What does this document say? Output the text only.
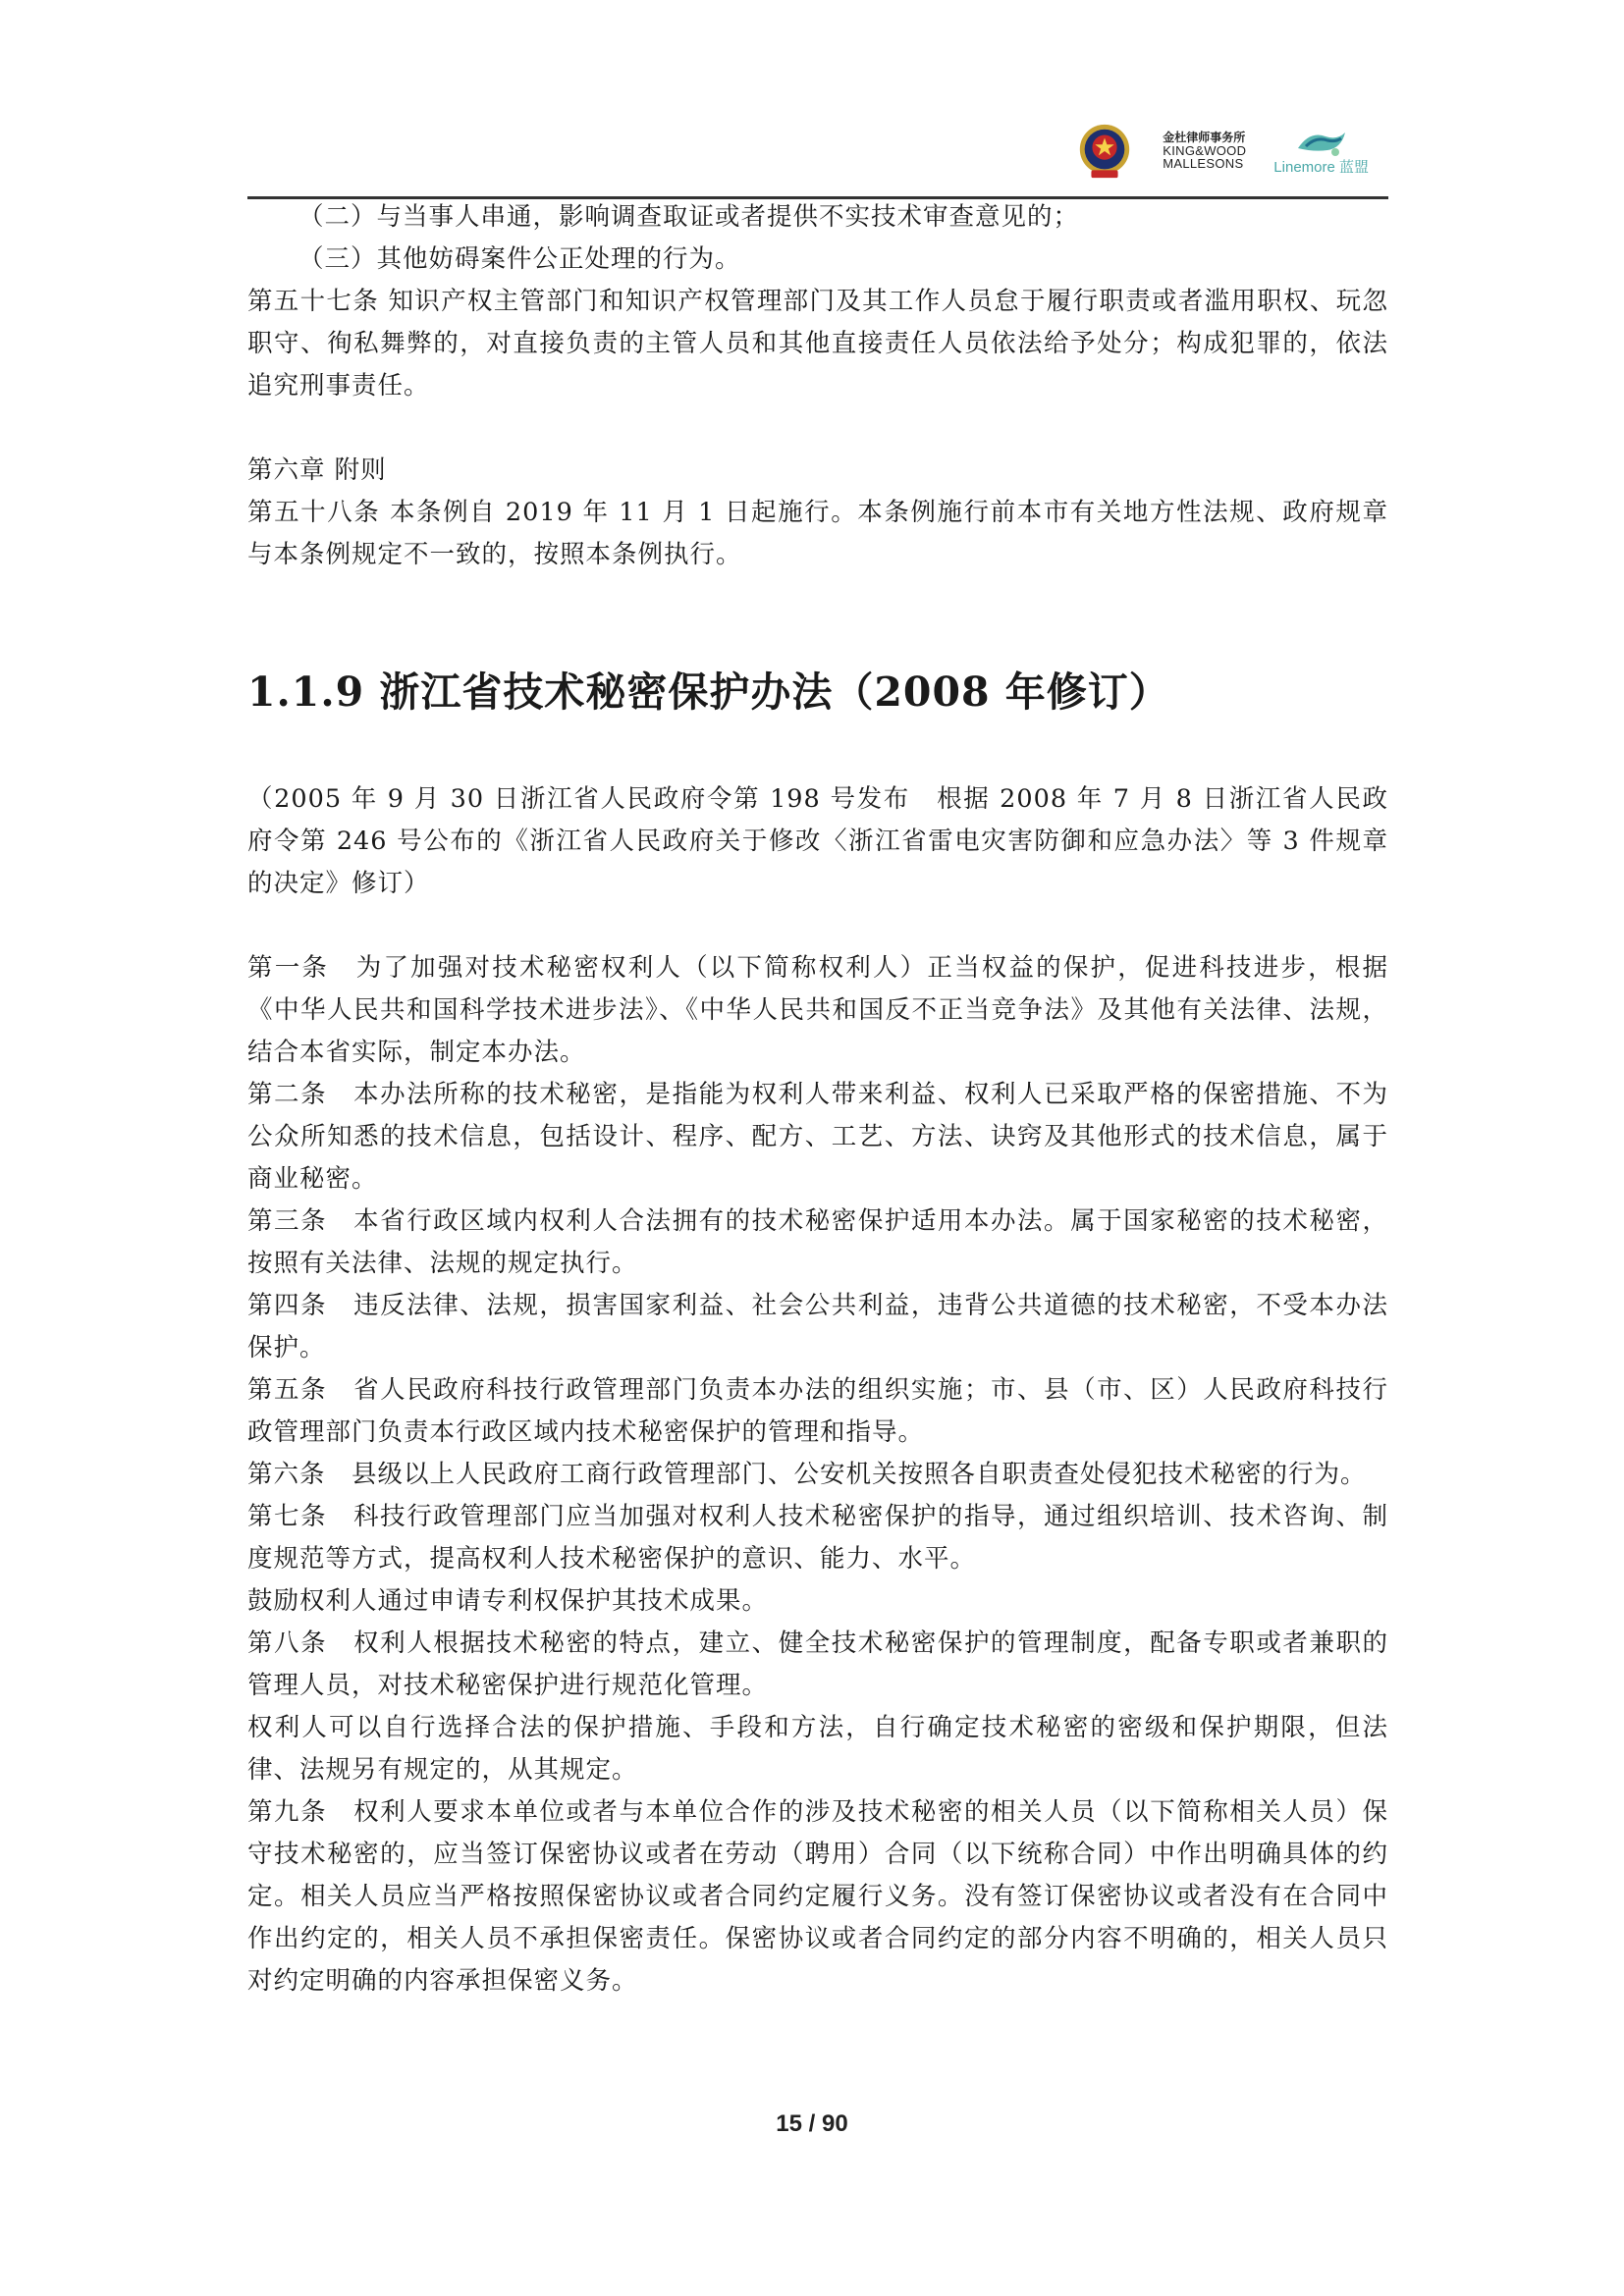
金杜律师事务所
KING&WOOD
MALLESONS Linemore 蓝盟

（二）与当事人串通，影响调查取证或者提供不实技术审查意见的；

（三）其他妨碍案件公正处理的行为。

第五十七条 知识产权主管部门和知识产权管理部门及其工作人员怠于履行职责或者滥用职权、玩忽职守、徇私舞弊的，对直接负责的主管人员和其他直接责任人员依法给予处分；构成犯罪的，依法追究刑事责任。

第六章 附则

第五十八条 本条例自 2019 年 11 月 1 日起施行。本条例施行前本市有关地方性法规、政府规章与本条例规定不一致的，按照本条例执行。

1.1.9 浙江省技术秘密保护办法（2008 年修订）

（2005 年 9 月 30 日浙江省人民政府令第 198 号发布　根据 2008 年 7 月 8 日浙江省人民政府令第 246 号公布的《浙江省人民政府关于修改〈浙江省雷电灾害防御和应急办法〉等 3 件规章的决定》修订）

第一条　为了加强对技术秘密权利人（以下简称权利人）正当权益的保护，促进科技进步，根据《中华人民共和国科学技术进步法》、《中华人民共和国反不正当竞争法》及其他有关法律、法规，结合本省实际，制定本办法。

第二条　本办法所称的技术秘密，是指能为权利人带来利益、权利人已采取严格的保密措施、不为公众所知悉的技术信息，包括设计、程序、配方、工艺、方法、诀窍及其他形式的技术信息，属于商业秘密。

第三条　本省行政区域内权利人合法拥有的技术秘密保护适用本办法。属于国家秘密的技术秘密，按照有关法律、法规的规定执行。

第四条　违反法律、法规，损害国家利益、社会公共利益，违背公共道德的技术秘密，不受本办法保护。

第五条　省人民政府科技行政管理部门负责本办法的组织实施；市、县（市、区）人民政府科技行政管理部门负责本行政区域内技术秘密保护的管理和指导。

第六条　县级以上人民政府工商行政管理部门、公安机关按照各自职责查处侵犯技术秘密的行为。

第七条　科技行政管理部门应当加强对权利人技术秘密保护的指导，通过组织培训、技术咨询、制度规范等方式，提高权利人技术秘密保护的意识、能力、水平。

鼓励权利人通过申请专利权保护其技术成果。

第八条　权利人根据技术秘密的特点，建立、健全技术秘密保护的管理制度，配备专职或者兼职的管理人员，对技术秘密保护进行规范化管理。

权利人可以自行选择合法的保护措施、手段和方法，自行确定技术秘密的密级和保护期限，但法律、法规另有规定的，从其规定。

第九条　权利人要求本单位或者与本单位合作的涉及技术秘密的相关人员（以下简称相关人员）保守技术秘密的，应当签订保密协议或者在劳动（聘用）合同（以下统称合同）中作出明确具体的约定。相关人员应当严格按照保密协议或者合同约定履行义务。没有签订保密协议或者没有在合同中作出约定的，相关人员不承担保密责任。保密协议或者合同约定的部分内容不明确的，相关人员只对约定明确的内容承担保密义务。

15 / 90
